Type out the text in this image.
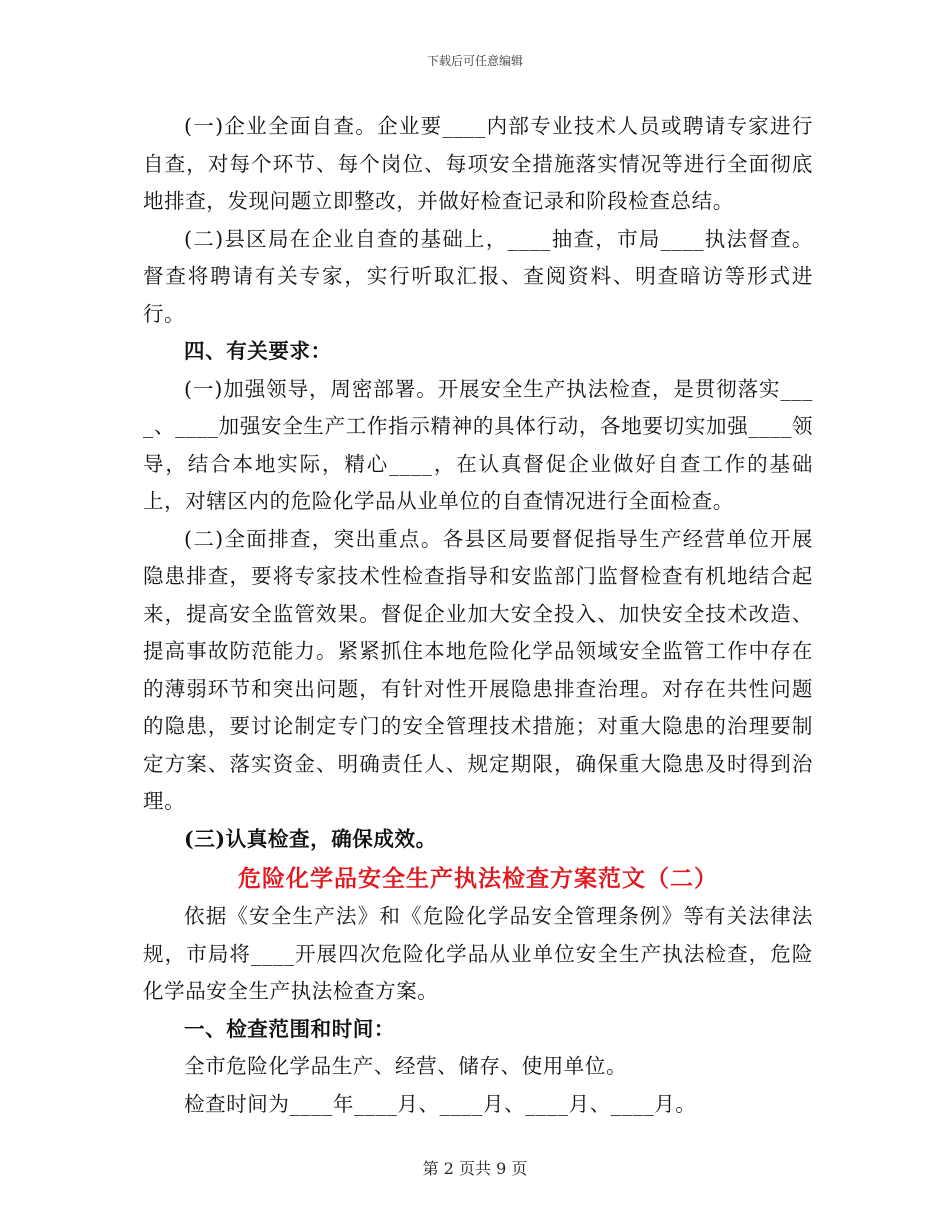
下载后可任意编辑

(一)企业全面自查。企业要____内部专业技术人员或聘请专家进行自查，对每个环节、每个岗位、每项安全措施落实情况等进行全面彻底地排查，发现问题立即整改，并做好检查记录和阶段检查总结。

(二)县区局在企业自查的基础上，____抽查，市局____执法督查。督查将聘请有关专家，实行听取汇报、查阅资料、明查暗访等形式进行。

四、有关要求：

(一)加强领导，周密部署。开展安全生产执法检查，是贯彻落实____、____加强安全生产工作指示精神的具体行动，各地要切实加强____领导，结合本地实际，精心____，在认真督促企业做好自查工作的基础上，对辖区内的危险化学品从业单位的自查情况进行全面检查。

(二)全面排查，突出重点。各县区局要督促指导生产经营单位开展隐患排查，要将专家技术性检查指导和安监部门监督检查有机地结合起来，提高安全监管效果。督促企业加大安全投入、加快安全技术改造、提高事故防范能力。紧紧抓住本地危险化学品领域安全监管工作中存在的薄弱环节和突出问题，有针对性开展隐患排查治理。对存在共性问题的隐患，要讨论制定专门的安全管理技术措施；对重大隐患的治理要制定方案、落实资金、明确责任人、规定期限，确保重大隐患及时得到治理。

(三)认真检查，确保成效。

危险化学品安全生产执法检查方案范文（二）

依据《安全生产法》和《危险化学品安全管理条例》等有关法律法规，市局将____开展四次危险化学品从业单位安全生产执法检查，危险化学品安全生产执法检查方案。

一、检查范围和时间：

全市危险化学品生产、经营、储存、使用单位。

检查时间为____年____月、____月、____月、____月。

第 2 页共 9 页
